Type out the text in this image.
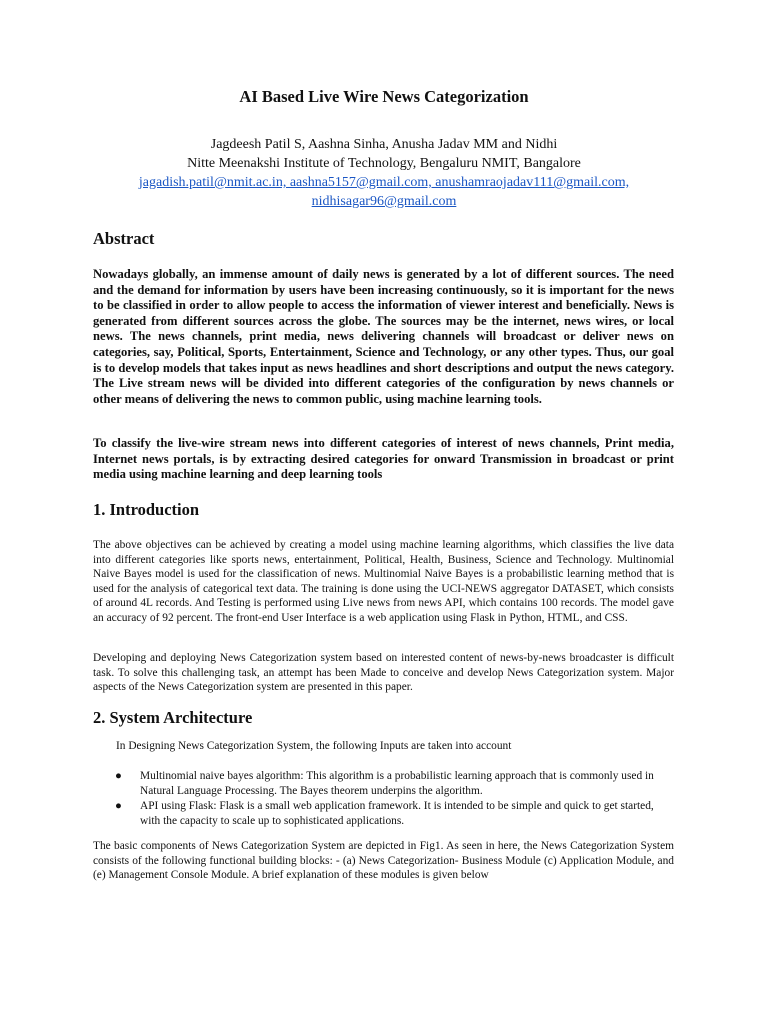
AI Based Live Wire News Categorization
Jagdeesh Patil S, Aashna Sinha, Anusha Jadav MM and Nidhi
Nitte Meenakshi Institute of Technology, Bengaluru NMIT, Bangalore
jagadish.patil@nmit.ac.in, aashna5157@gmail.com, anushamraojadav111@gmail.com,
nidhisagar96@gmail.com
Abstract

Nowadays globally, an immense amount of daily news is generated by a lot of different sources. The need and the demand for information by users have been increasing continuously, so it is important for the news to be classified in order to allow people to access the information of viewer interest and beneficially. News is generated from different sources across the globe. The sources may be the internet, news wires, or local news. The news channels, print media, news delivering channels will broadcast or deliver news on categories, say, Political, Sports, Entertainment, Science and Technology, or any other types. Thus, our goal is to develop models that takes input as news headlines and short descriptions and output the news category. The Live stream news will be divided into different categories of the configuration by news channels or other means of delivering the news to common public, using machine learning tools.

To classify the live-wire stream news into different categories of interest of news channels, Print media, Internet news portals, is by extracting desired categories for onward Transmission in broadcast or print media using machine learning and deep learning tools

1. Introduction

The above objectives can be achieved by creating a model using machine learning algorithms, which classifies the live data into different categories like sports news, entertainment, Political, Health, Business, Science and Technology. Multinomial Naive Bayes model is used for the classification of news. Multinomial Naive Bayes is a probabilistic learning method that is used for the analysis of categorical text data. The training is done using the UCI-NEWS aggregator DATASET, which consists of around 4L records. And Testing is performed using Live news from news API, which contains 100 records. The model gave an accuracy of 92 percent. The front-end User Interface is a web application using Flask in Python, HTML, and CSS.

Developing and deploying News Categorization system based on interested content of news-by-news broadcaster is difficult task. To solve this challenging task, an attempt has been Made to conceive and develop News Categorization system. Major aspects of the News Categorization system are presented in this paper.

2. System Architecture

In Designing News Categorization System, the following Inputs are taken into account

● Multinomial naive bayes algorithm: This algorithm is a probabilistic learning approach that is commonly used in Natural Language Processing. The Bayes theorem underpins the algorithm.
● API using Flask: Flask is a small web application framework. It is intended to be simple and quick to get started, with the capacity to scale up to sophisticated applications.

The basic components of News Categorization System are depicted in Fig1. As seen in here, the News Categorization System consists of the following functional building blocks: - (a) News Categorization- Business Module (c) Application Module, and (e) Management Console Module. A brief explanation of these modules is given below
